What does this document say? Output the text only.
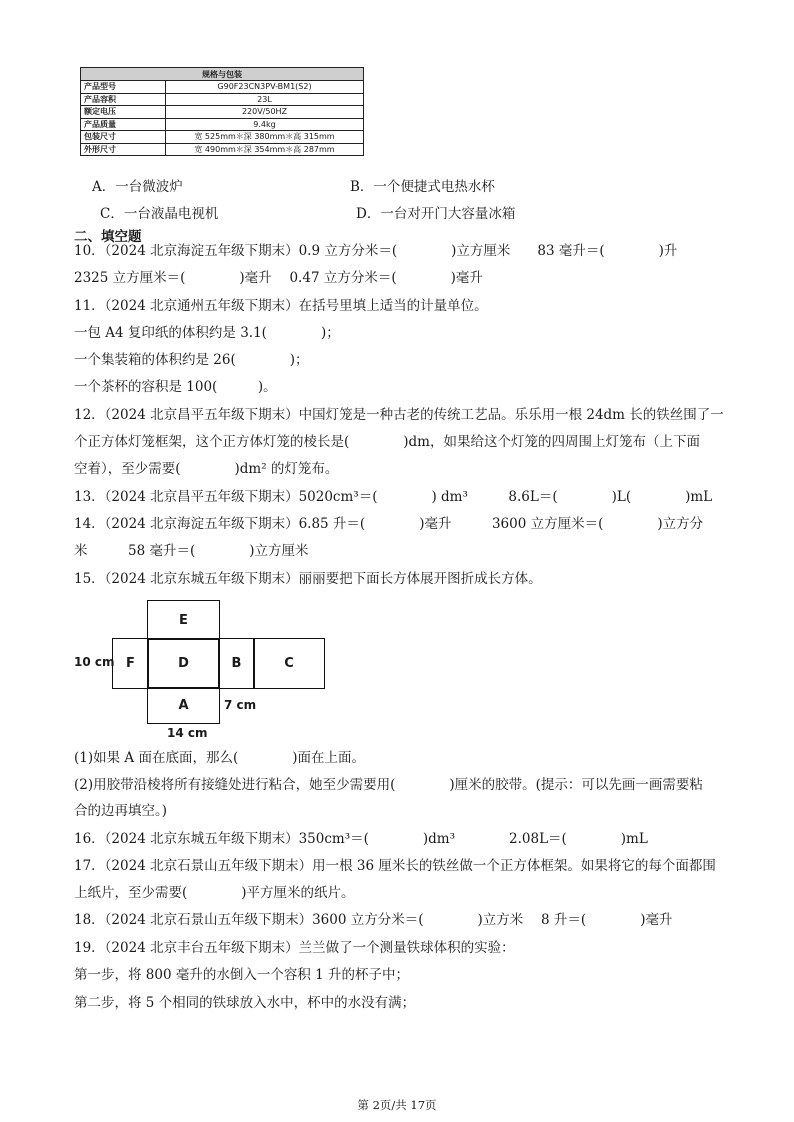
规格与包装	
产品型号	G90F23CN3PV-BM1(S2)
产品容积	23L
额定电压	220V/50HZ
产品质量	9.4kg
包装尺寸	宽 525mm＊深 380mm＊高 315mm
外形尺寸	宽 490mm＊深 354mm＊高 287mm
A．一台微波炉	B．一个便捷式电热水杯
C．一台液晶电视机	D．一台对开门大容量冰箱
二、填空题
10．（2024 北京海淀五年级下期末）0.9 立方分米＝(　　　　)立方厘米　　83 毫升＝(　　　　)升
2325 立方厘米＝(　　　　)毫升　 0.47 立方分米＝(　　　　)毫升
11．（2024 北京通州五年级下期末）在括号里填上适当的计量单位。
一包 A4 复印纸的体积约是 3.1(　　　　)；
一个集装箱的体积约是 26(　　　　)；
一个茶杯的容积是 100(　　　)。
12．（2024 北京昌平五年级下期末）中国灯笼是一种古老的传统工艺品。乐乐用一根 24dm 长的铁丝围了一
个正方体灯笼框架，这个正方体灯笼的棱长是(　　　　)dm，如果给这个灯笼的四周围上灯笼布（上下面
空着），至少需要(　　　　)dm² 的灯笼布。
13．（2024 北京昌平五年级下期末）5020cm³＝(　　　　) dm³　　　8.6L＝(　　　　)L(　　　　)mL
14．（2024 北京海淀五年级下期末）6.85 升＝(　　　　)毫升　　　3600 立方厘米＝(　　　　)立方分
米　　　58 毫升＝(　　　　)立方厘米
15．（2024 北京东城五年级下期末）丽丽要把下面长方体展开图折成长方体。
E
F	D	B	C
A
10 cm
7 cm
14 cm
(1)如果 A 面在底面，那么(　　　　)面在上面。
(2)用胶带沿棱将所有接缝处进行粘合，她至少需要用(　　　　)厘米的胶带。(提示：可以先画一画需要粘
合的边再填空。)
16．（2024 北京东城五年级下期末）350cm³＝(　　　　)dm³　　　　2.08L＝(　　　　)mL
17．（2024 北京石景山五年级下期末）用一根 36 厘米长的铁丝做一个正方体框架。如果将它的每个面都围
上纸片，至少需要(　　　　)平方厘米的纸片。
18．（2024 北京石景山五年级下期末）3600 立方分米＝(　　　　)立方米　 8 升＝(　　　　)毫升
19．（2024 北京丰台五年级下期末）兰兰做了一个测量铁球体积的实验：
第一步，将 800 毫升的水倒入一个容积 1 升的杯子中；
第二步，将 5 个相同的铁球放入水中，杯中的水没有满；
第 2页/共 17页
